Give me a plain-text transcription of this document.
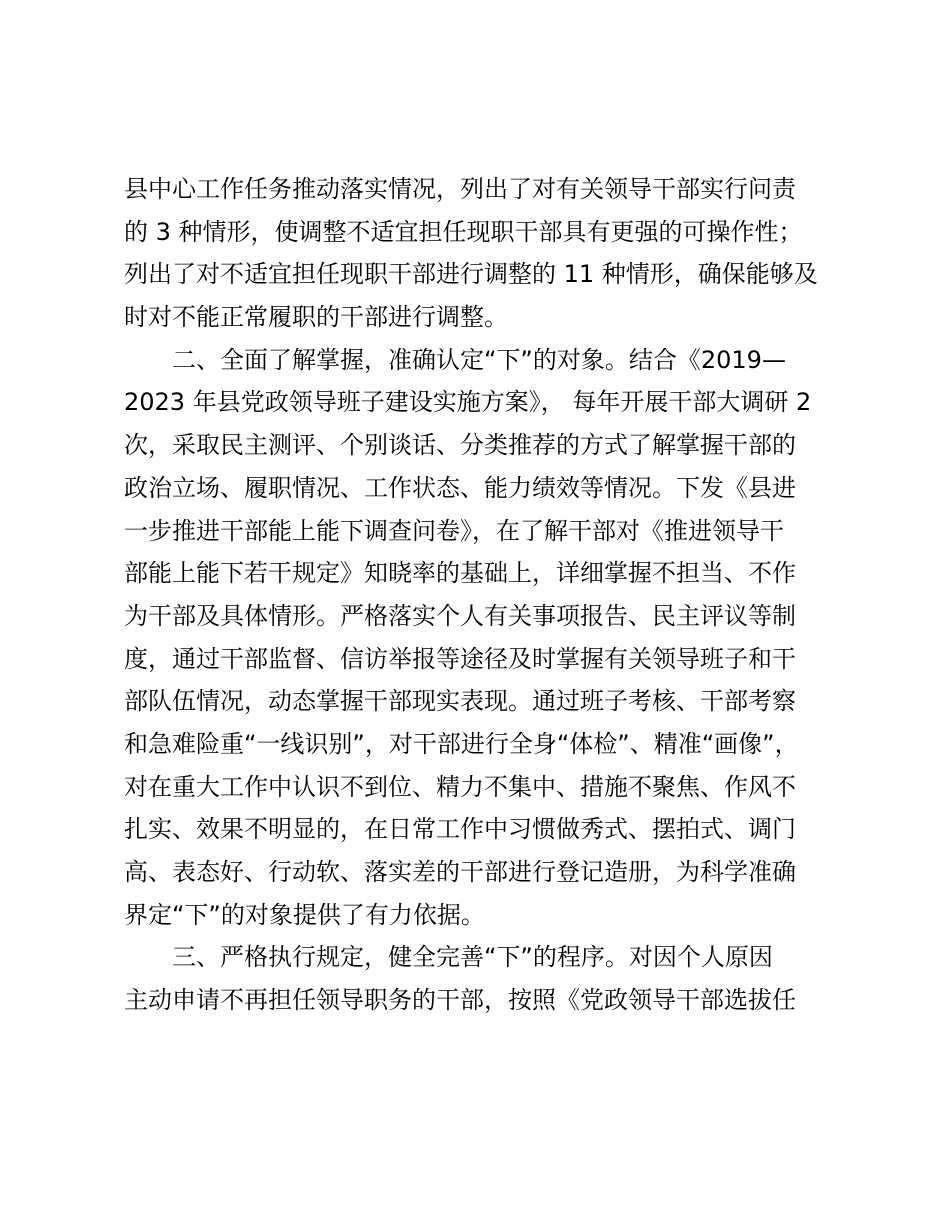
县中心工作任务推动落实情况，列出了对有关领导干部实行问责
的 3 种情形，使调整不适宜担任现职干部具有更强的可操作性；
列出了对不适宜担任现职干部进行调整的 11 种情形，确保能够及
时对不能正常履职的干部进行调整。
二、全面了解掌握，准确认定“下”的对象。结合《2019—
2023 年县党政领导班子建设实施方案》， 每年开展干部大调研 2
次，采取民主测评、个别谈话、分类推荐的方式了解掌握干部的
政治立场、履职情况、工作状态、能力绩效等情况。下发《县进
一步推进干部能上能下调查问卷》，在了解干部对《推进领导干
部能上能下若干规定》知晓率的基础上，详细掌握不担当、不作
为干部及具体情形。严格落实个人有关事项报告、民主评议等制
度，通过干部监督、信访举报等途径及时掌握有关领导班子和干
部队伍情况，动态掌握干部现实表现。通过班子考核、干部考察
和急难险重“一线识别”，对干部进行全身“体检”、精准“画像”，
对在重大工作中认识不到位、精力不集中、措施不聚焦、作风不
扎实、效果不明显的，在日常工作中习惯做秀式、摆拍式、调门
高、表态好、行动软、落实差的干部进行登记造册，为科学准确
界定“下”的对象提供了有力依据。
三、严格执行规定，健全完善“下”的程序。对因个人原因
主动申请不再担任领导职务的干部，按照《党政领导干部选拔任
